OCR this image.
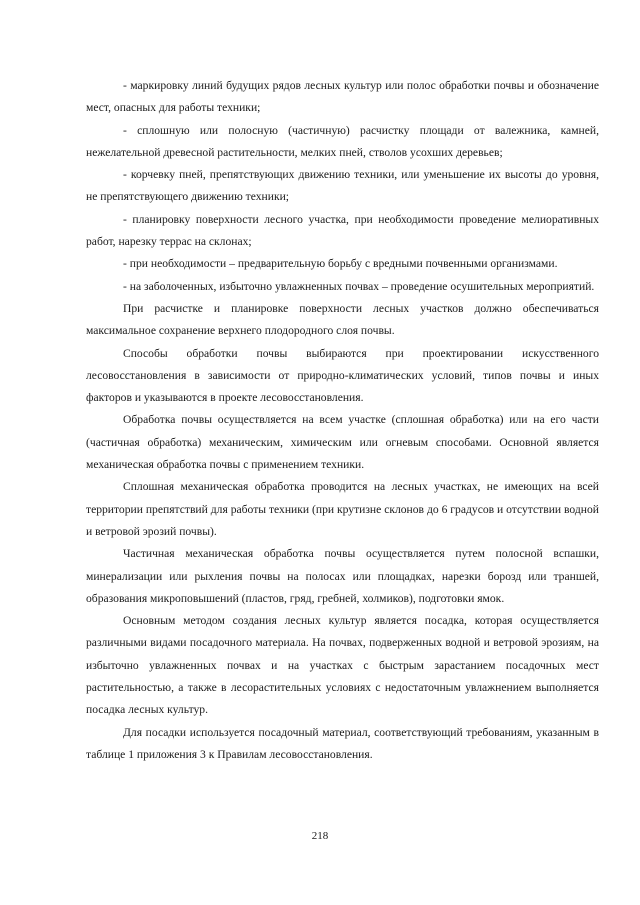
- маркировку линий будущих рядов лесных культур или полос обработки почвы и обозначение мест, опасных для работы техники;

- сплошную или полосную (частичную) расчистку площади от валежника, камней, нежелательной древесной растительности, мелких пней, стволов усохших деревьев;

- корчевку пней, препятствующих движению техники, или уменьшение их высоты до уровня, не препятствующего движению техники;

- планировку поверхности лесного участка, при необходимости проведение мелиоративных работ, нарезку террас на склонах;

- при необходимости – предварительную борьбу с вредными почвенными организмами.

- на заболоченных, избыточно увлажненных почвах – проведение осушительных мероприятий.

При расчистке и планировке поверхности лесных участков должно обеспечиваться максимальное сохранение верхнего плодородного слоя почвы.

Способы обработки почвы выбираются при проектировании искусственного лесовосстановления в зависимости от природно-климатических условий, типов почвы и иных факторов и указываются в проекте лесовосстановления.

Обработка почвы осуществляется на всем участке (сплошная обработка) или на его части (частичная обработка) механическим, химическим или огневым способами. Основной является механическая обработка почвы с применением техники.

Сплошная механическая обработка проводится на лесных участках, не имеющих на всей территории препятствий для работы техники (при крутизне склонов до 6 градусов и отсутствии водной и ветровой эрозий почвы).

Частичная механическая обработка почвы осуществляется путем полосной вспашки, минерализации или рыхления почвы на полосах или площадках, нарезки борозд или траншей, образования микроповышений (пластов, гряд, гребней, холмиков), подготовки ямок.

Основным методом создания лесных культур является посадка, которая осуществляется различными видами посадочного материала. На почвах, подверженных водной и ветровой эрозиям, на избыточно увлажненных почвах и на участках с быстрым зарастанием посадочных мест растительностью, а также в лесорастительных условиях с недостаточным увлажнением выполняется посадка лесных культур.

Для посадки используется посадочный материал, соответствующий требованиям, указанным в таблице 1 приложения 3 к Правилам лесовосстановления.

218
